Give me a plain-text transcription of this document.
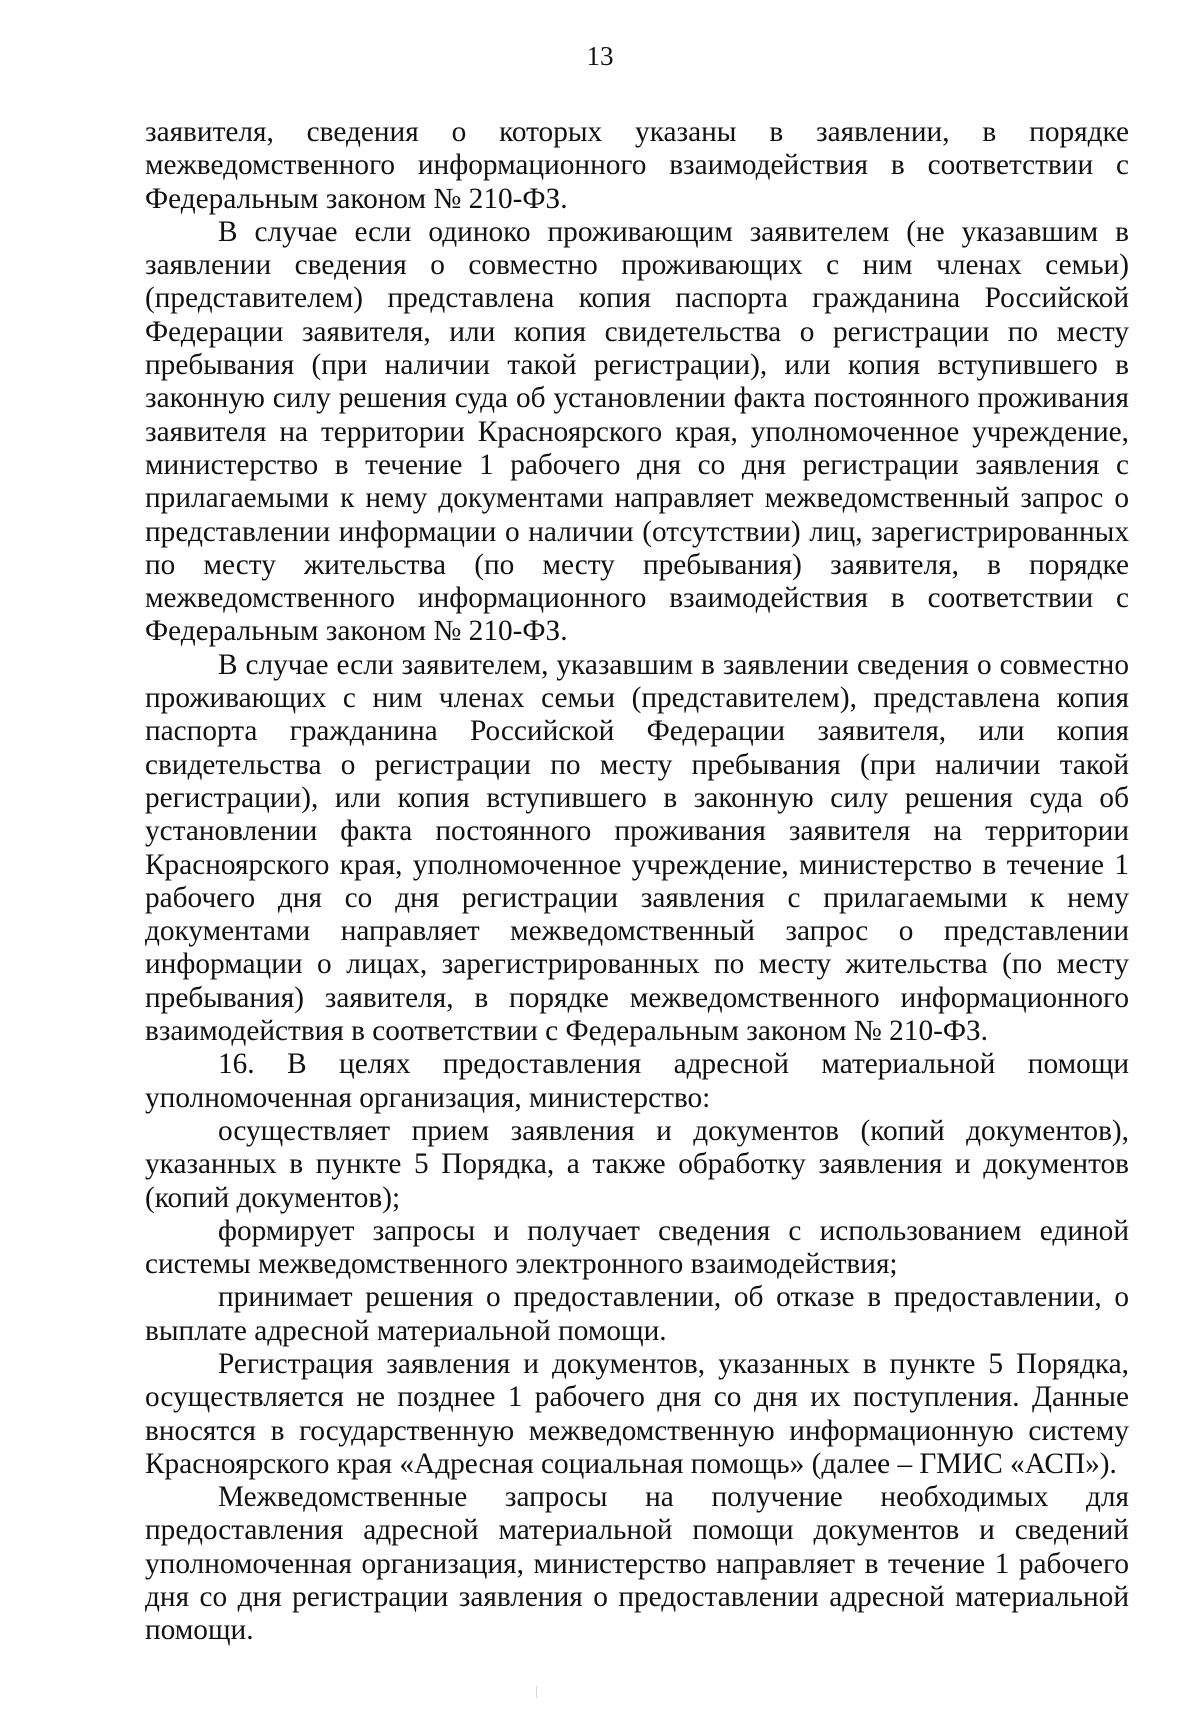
13

заявителя, сведения о которых указаны в заявлении, в порядке межведомственного информационного взаимодействия в соответствии с Федеральным законом № 210-ФЗ.

В случае если одиноко проживающим заявителем (не указавшим в заявлении сведения о совместно проживающих с ним членах семьи) (представителем) представлена копия паспорта гражданина Российской Федерации заявителя, или копия свидетельства о регистрации по месту пребывания (при наличии такой регистрации), или копия вступившего в законную силу решения суда об установлении факта постоянного проживания заявителя на территории Красноярского края, уполномоченное учреждение, министерство в течение 1 рабочего дня со дня регистрации заявления с прилагаемыми к нему документами направляет межведомственный запрос о представлении информации о наличии (отсутствии) лиц, зарегистрированных по месту жительства (по месту пребывания) заявителя, в порядке межведомственного информационного взаимодействия в соответствии с Федеральным законом № 210-ФЗ.

В случае если заявителем, указавшим в заявлении сведения о совместно проживающих с ним членах семьи (представителем), представлена копия паспорта гражданина Российской Федерации заявителя, или копия свидетельства о регистрации по месту пребывания (при наличии такой регистрации), или копия вступившего в законную силу решения суда об установлении факта постоянного проживания заявителя на территории Красноярского края, уполномоченное учреждение, министерство в течение 1 рабочего дня со дня регистрации заявления с прилагаемыми к нему документами направляет межведомственный запрос о представлении информации о лицах, зарегистрированных по месту жительства (по месту пребывания) заявителя, в порядке межведомственного информационного взаимодействия в соответствии с Федеральным законом № 210-ФЗ.

16. В целях предоставления адресной материальной помощи уполномоченная организация, министерство:

осуществляет прием заявления и документов (копий документов), указанных в пункте 5 Порядка, а также обработку заявления и документов (копий документов);

формирует запросы и получает сведения с использованием единой системы межведомственного электронного взаимодействия;

принимает решения о предоставлении, об отказе в предоставлении, о выплате адресной материальной помощи.

Регистрация заявления и документов, указанных в пункте 5 Порядка, осуществляется не позднее 1 рабочего дня со дня их поступления. Данные вносятся в государственную межведомственную информационную систему Красноярского края «Адресная социальная помощь» (далее – ГМИС «АСП»).

Межведомственные запросы на получение необходимых для предоставления адресной материальной помощи документов и сведений уполномоченная организация, министерство направляет в течение 1 рабочего дня со дня регистрации заявления о предоставлении адресной материальной помощи.
